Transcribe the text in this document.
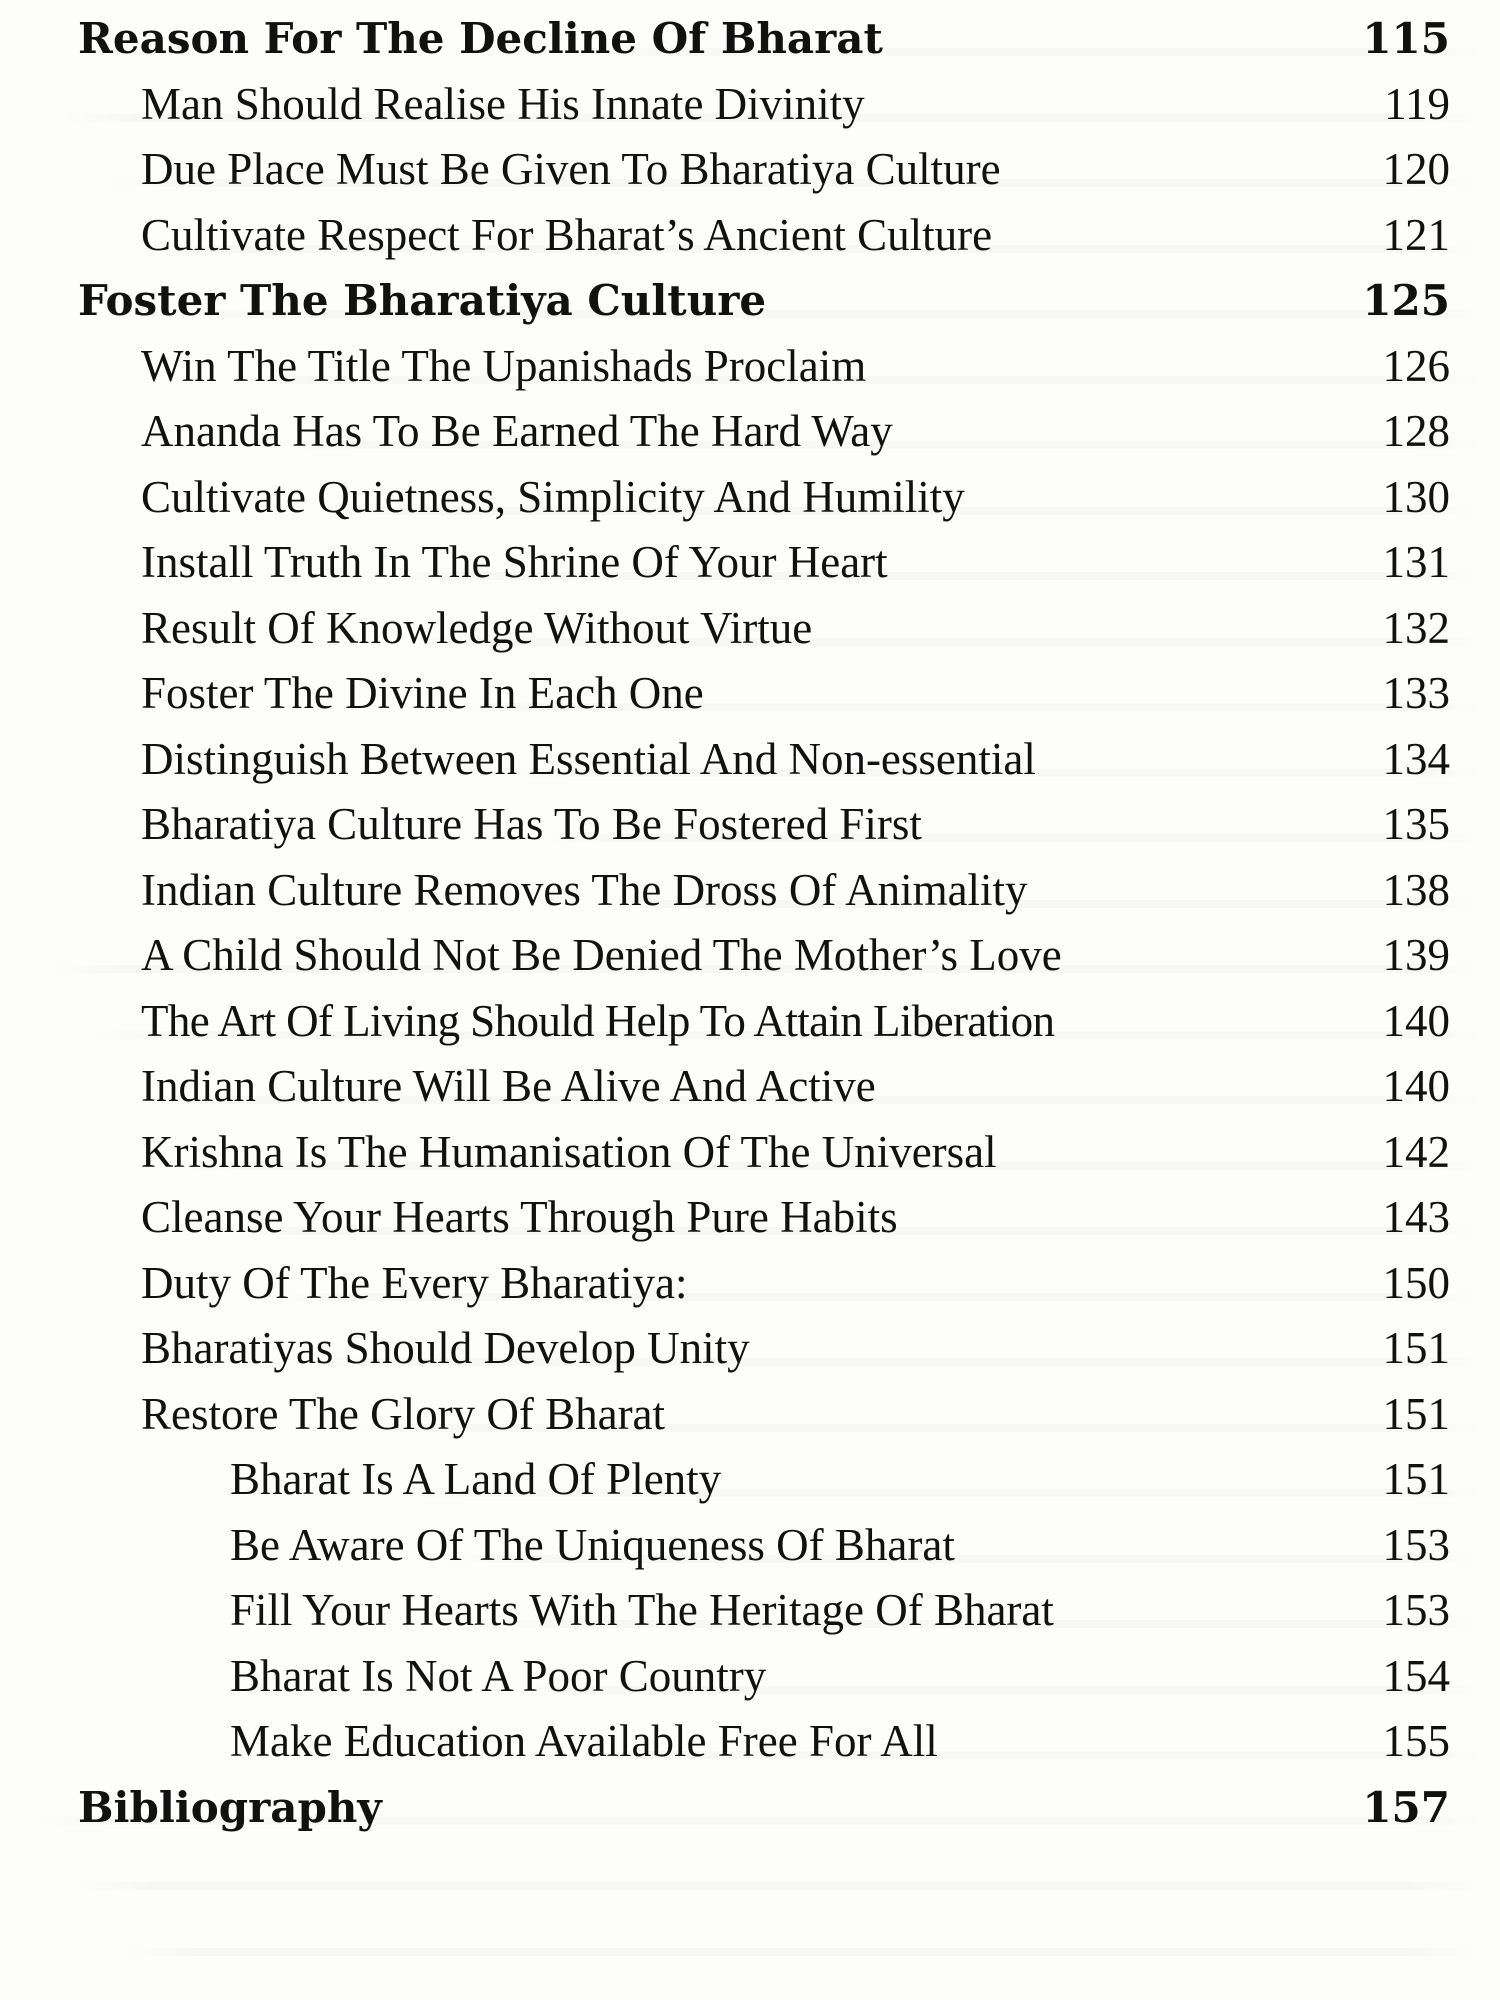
Reason For The Decline Of Bharat	115
Man Should Realise His Innate Divinity	119
Due Place Must Be Given To Bharatiya Culture	120
Cultivate Respect For Bharat’s Ancient Culture	121
Foster The Bharatiya Culture	125
Win The Title The Upanishads Proclaim	126
Ananda Has To Be Earned The Hard Way	128
Cultivate Quietness, Simplicity And Humility	130
Install Truth In The Shrine Of Your Heart	131
Result Of Knowledge Without Virtue	132
Foster The Divine In Each One	133
Distinguish Between Essential And Non-essential	134
Bharatiya Culture Has To Be Fostered First	135
Indian Culture Removes The Dross Of Animality	138
A Child Should Not Be Denied The Mother’s Love	139
The Art Of Living Should Help To Attain Liberation	140
Indian Culture Will Be Alive And Active	140
Krishna Is The Humanisation Of The Universal	142
Cleanse Your Hearts Through Pure Habits	143
Duty Of The Every Bharatiya:	150
Bharatiyas Should Develop Unity	151
Restore The Glory Of Bharat	151
Bharat Is A Land Of Plenty	151
Be Aware Of The Uniqueness Of Bharat	153
Fill Your Hearts With The Heritage Of Bharat	153
Bharat Is Not A Poor Country	154
Make Education Available Free For All	155
Bibliography	157
